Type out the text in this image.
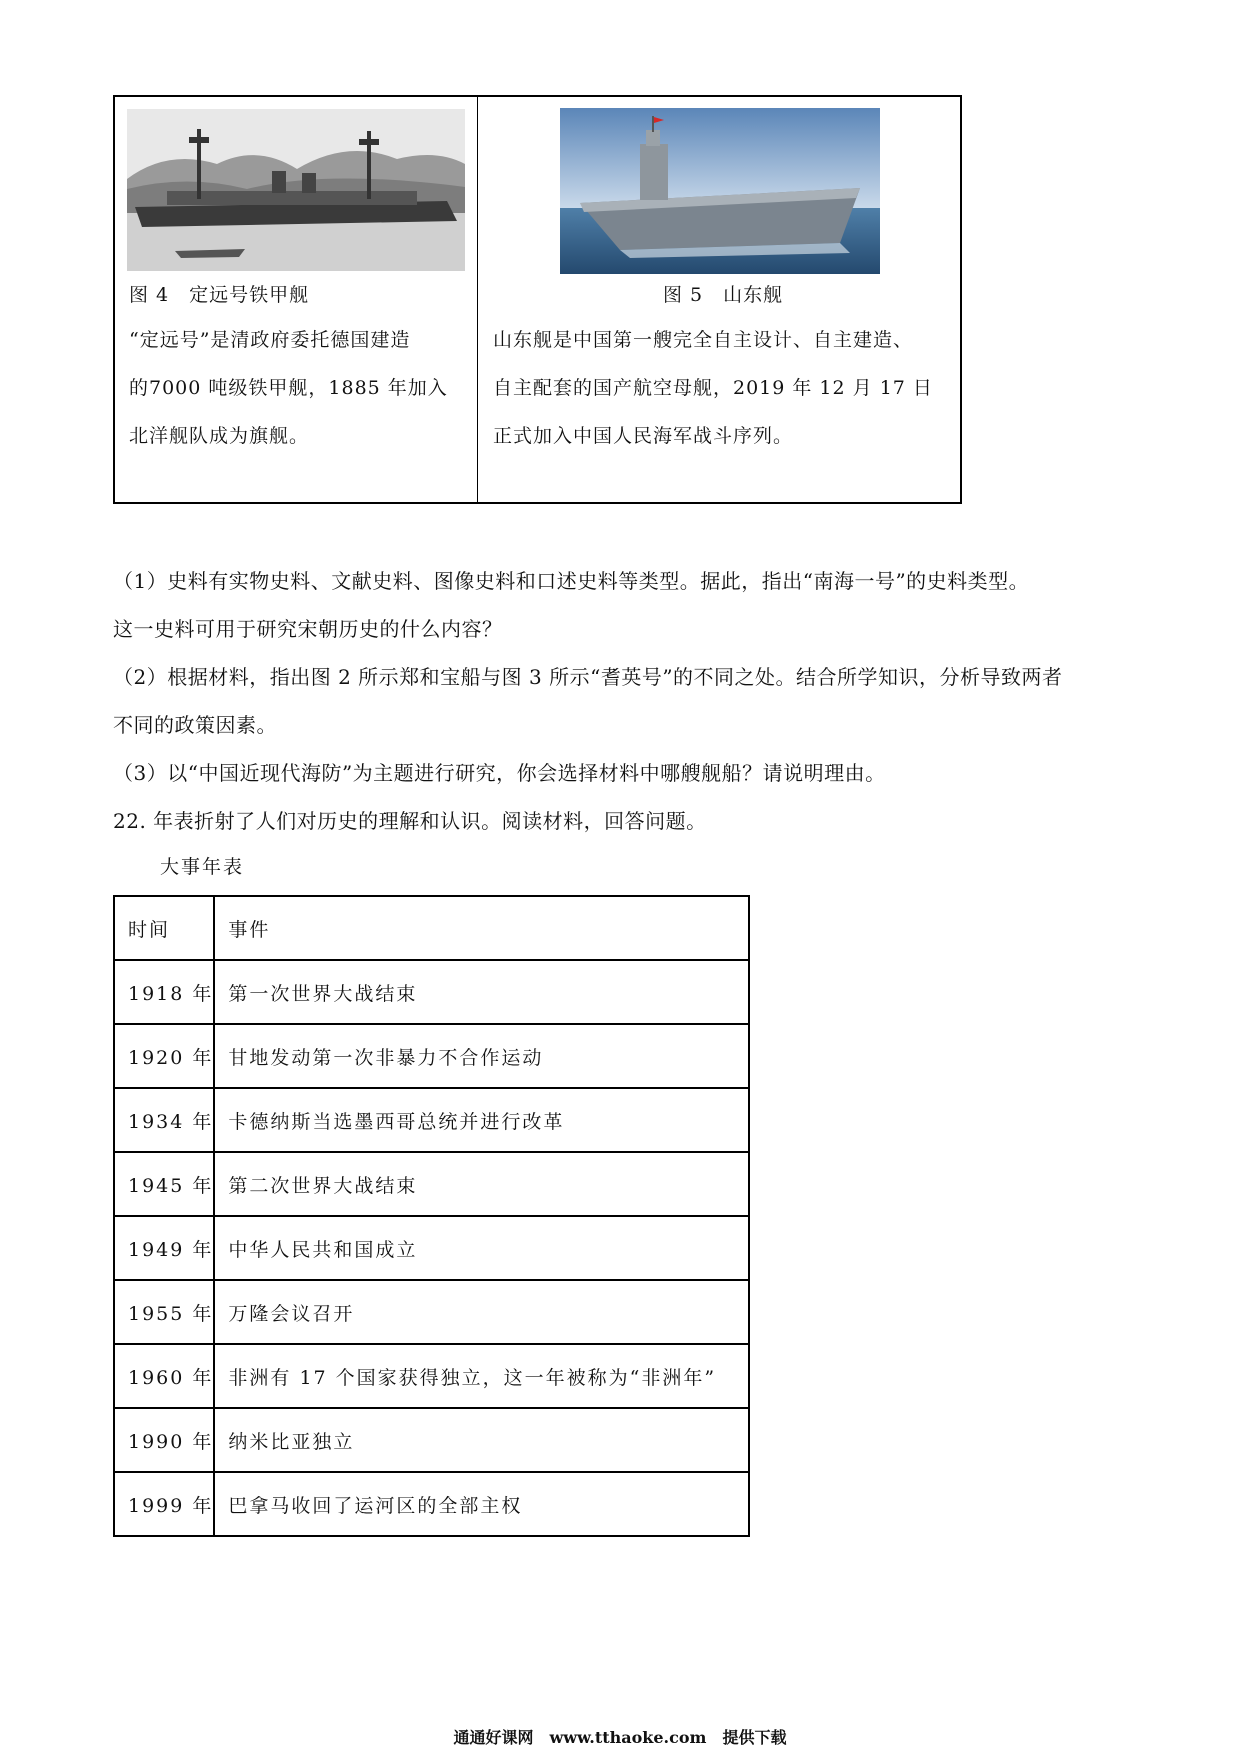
图 4　定远号铁甲舰
“定远号”是清政府委托德国建造
的7000 吨级铁甲舰，1885 年加入
北洋舰队成为旗舰。
图 5　山东舰
山东舰是中国第一艘完全自主设计、自主建造、
自主配套的国产航空母舰，2019 年 12 月 17 日
正式加入中国人民海军战斗序列。
（1）史料有实物史料、文献史料、图像史料和口述史料等类型。据此，指出“南海一号”的史料类型。
这一史料可用于研究宋朝历史的什么内容？
（2）根据材料，指出图 2 所示郑和宝船与图 3 所示“耆英号”的不同之处。结合所学知识，分析导致两者
不同的政策因素。
（3）以“中国近现代海防”为主题进行研究，你会选择材料中哪艘舰船？请说明理由。
22. 年表折射了人们对历史的理解和认识。阅读材料，回答问题。
大事年表
时间	事件
1918 年	第一次世界大战结束
1920 年	甘地发动第一次非暴力不合作运动
1934 年	卡德纳斯当选墨西哥总统并进行改革
1945 年	第二次世界大战结束
1949 年	中华人民共和国成立
1955 年	万隆会议召开
1960 年	非洲有 17 个国家获得独立，这一年被称为“非洲年”
1990 年	纳米比亚独立
1999 年	巴拿马收回了运河区的全部主权
通通好课网　www.tthaoke.com　提供下载
